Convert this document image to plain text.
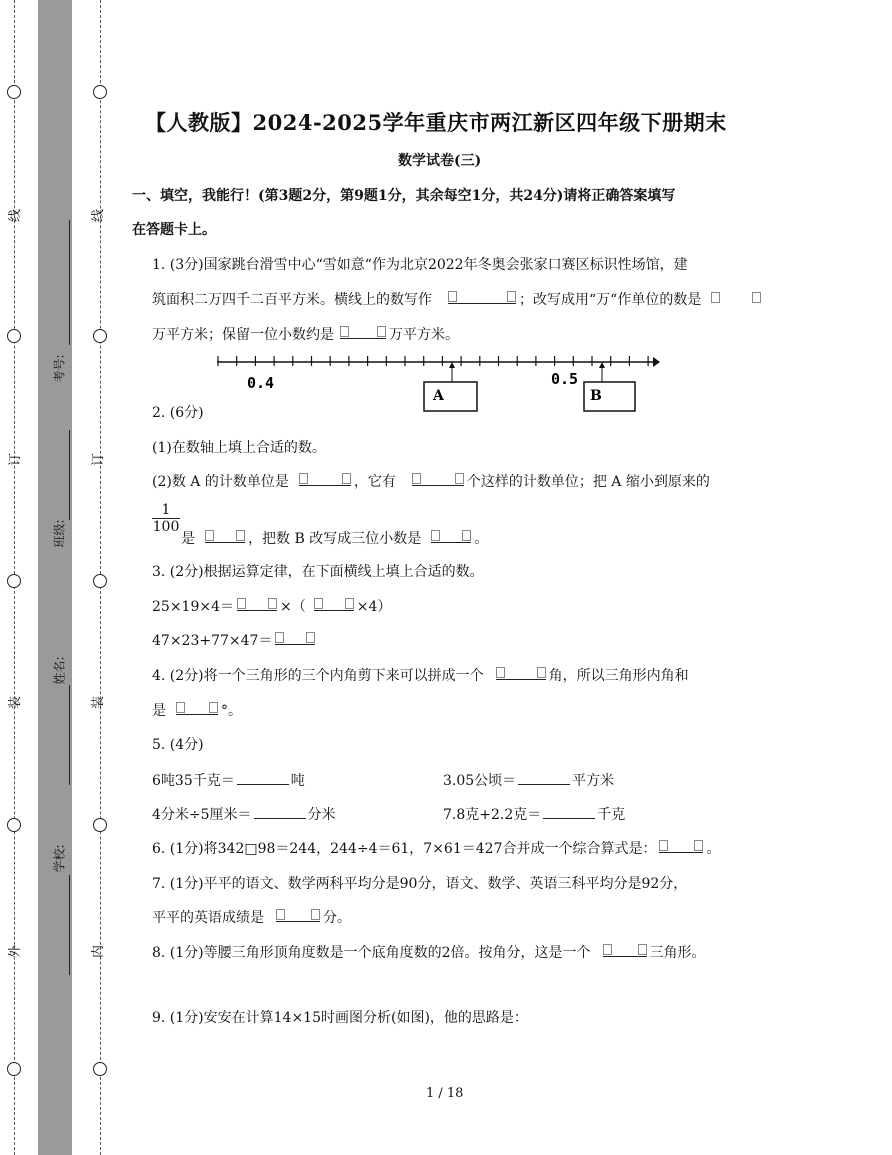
线
订
装
外
线
订
装
内
考号:
班级:
姓名:
学校:
【人教版】2024-2025学年重庆市两江新区四年级下册期末
数学试卷(三)
一、填空，我能行！(第3题2分，第9题1分，其余每空1分，共24分)请将正确答案填写
在答题卡上。
1. (3分)国家跳台滑雪中心“雪如意“作为北京2022年冬奥会张家口赛区标识性场馆，建
筑面积二万四千二百平方米。横线上的数写作	；改写成用“万“作单位的数是
万平方米；保留一位小数约是	万平方米。
0.4	0.5
A	B
2. (6分)
(1)在数轴上填上合适的数。
(2)数 A 的计数单位是	，它有	个这样的计数单位；把 A 缩小到原来的
$\frac{1}{100}$
是	，把数 B 改写成三位小数是	。
3. (2分)根据运算定律，在下面横线上填上合适的数。
25×19×4＝	×（	×4）
47×23+77×47＝
4. (2分)将一个三角形的三个内角剪下来可以拼成一个	角，所以三角形内角和
是	°。
5. (4分)
6吨35千克＝	吨	3.05公顷＝	平方米
4分米÷5厘米＝	分米	7.8克+2.2克＝	千克
6. (1分)将342□98＝244，244÷4＝61，7×61＝427合并成一个综合算式是：	。
7. (1分)平平的语文、数学两科平均分是90分，语文、数学、英语三科平均分是92分，
平平的英语成绩是	分。
8. (1分)等腰三角形顶角度数是一个底角度数的2倍。按角分，这是一个	三角形。
9. (1分)安安在计算14×15时画图分析(如图)，他的思路是：
1 / 18
